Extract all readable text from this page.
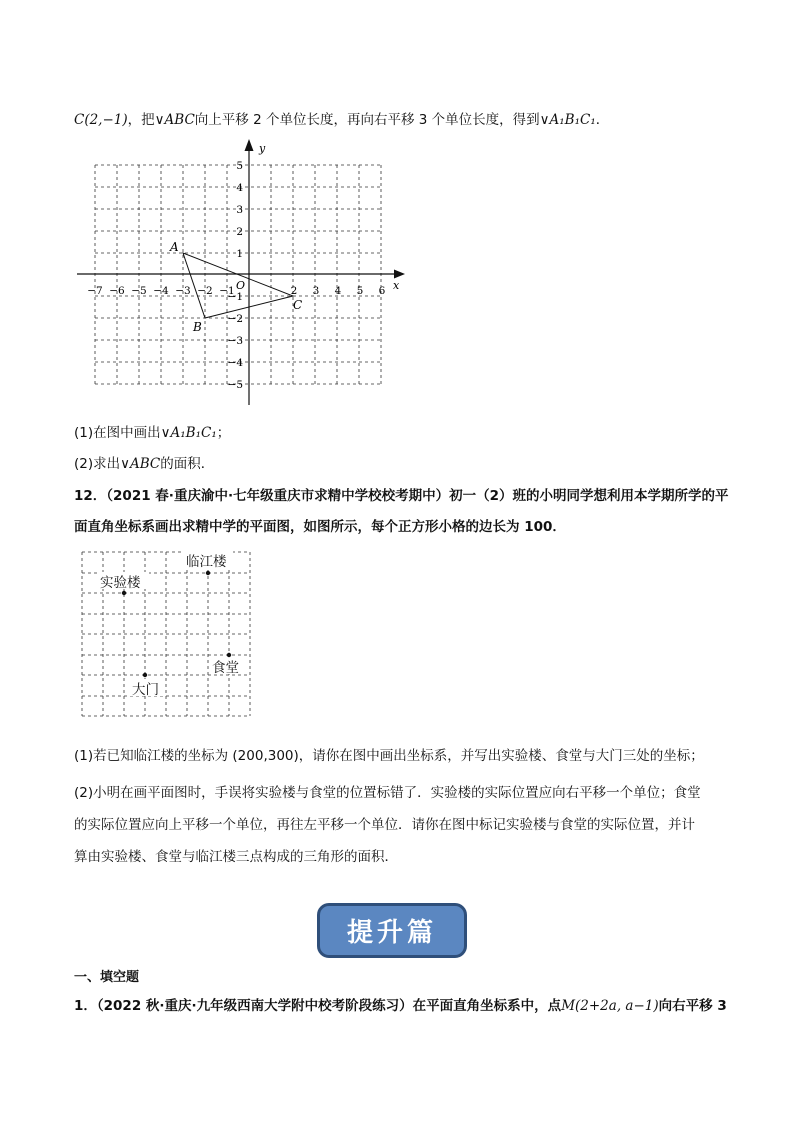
C(2,−1)，把∨ABC向上平移 2 个单位长度，再向右平移 3 个单位长度，得到∨A₁B₁C₁．
y
x
O
−7 −6 −5 −4 −3 −2 −1	2 3 4 5 6
5
4
3
2
1
−1
−2
−3
−4
−5
A
B
C
(1)在图中画出∨A₁B₁C₁；
(2)求出∨ABC的面积．
12．（2021 春·重庆渝中·七年级重庆市求精中学校校考期中）初一（2）班的小明同学想利用本学期所学的平
面直角坐标系画出求精中学的平面图，如图所示，每个正方形小格的边长为 100．
临江楼
实验楼
食堂
大门
(1)若已知临江楼的坐标为 (200,300)，请你在图中画出坐标系，并写出实验楼、食堂与大门三处的坐标；
(2)小明在画平面图时，手误将实验楼与食堂的位置标错了．实验楼的实际位置应向右平移一个单位；食堂
的实际位置应向上平移一个单位，再往左平移一个单位．请你在图中标记实验楼与食堂的实际位置，并计
算由实验楼、食堂与临江楼三点构成的三角形的面积．
提升篇
一、填空题
1．（2022 秋·重庆·九年级西南大学附中校考阶段练习）在平面直角坐标系中，点M(2+2a, a−1)向右平移 3
